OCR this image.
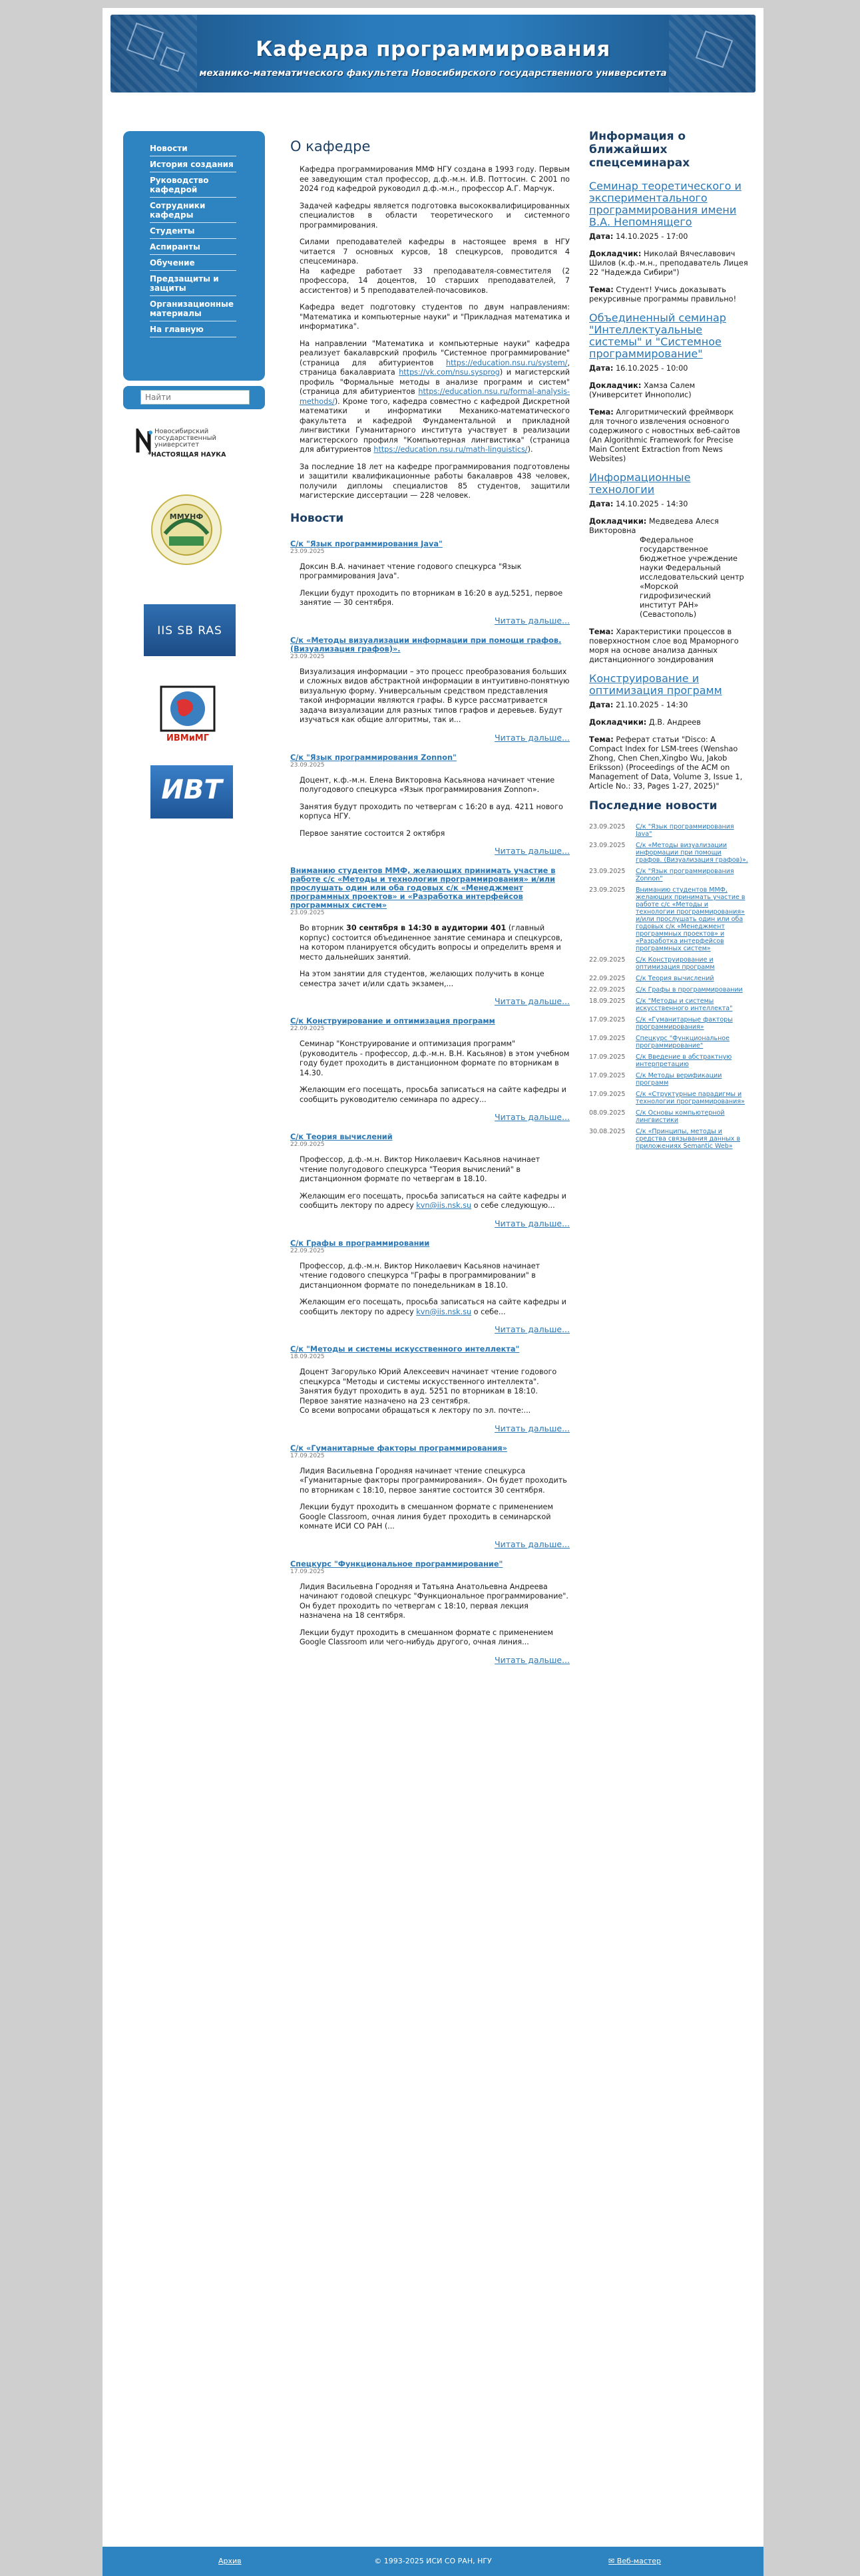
Кафедра программирования
механико-математического факультета Новосибирского государственного университета
Новости
История создания
Руководство кафедрой
Сотрудники кафедры
Студенты
Аспиранты
Обучение
Предзащиты и защиты
Организационные материалы
На главную
Найти
Новосибирский
государственный
университет
*НАСТОЯЩАЯ НАУКА
ММУНФ
IIS SB RAS
ИВМиМГ
ИВТ
О кафедре

Кафедра программирования ММФ НГУ создана в 1993 году. Первым ее заведующим стал профессор, д.ф.-м.н. И.В. Поттосин. С 2001 по 2024 год кафедрой руководил д.ф.-м.н., профессор А.Г. Марчук.

Задачей кафедры является подготовка высококвалифицированных специалистов в области теоретического и системного программирования.

Силами преподавателей кафедры в настоящее время в НГУ читается 7 основных курсов, 18 спецкурсов, проводится 4 спецсеминара.

На кафедре работает 33 преподавателя-совместителя (2 профессора, 14 доцентов, 10 старших преподавателей, 7 ассистентов) и 5 преподавателей-почасовиков.

Кафедра ведет подготовку студентов по двум направлениям: "Математика и компьютерные науки" и "Прикладная математика и информатика".

На направлении "Математика и компьютерные науки" кафедра реализует бакалаврский профиль "Системное программирование" (страница для абитуриентов https://education.nsu.ru/system/, страница бакалавриата https://vk.com/nsu.sysprog) и магистерский профиль "Формальные методы в анализе программ и систем" (страница для абитуриентов https://education.nsu.ru/formal-analysis-methods/). Кроме того, кафедра совместно с кафедрой Дискретной математики и информатики Механико-математического факультета и кафедрой Фундаментальной и прикладной лингвистики Гуманитарного института участвует в реализации магистерского профиля "Компьютерная лингвистика" (страница для абитуриентов https://education.nsu.ru/math-linguistics/).

За последние 18 лет на кафедре программирования подготовлены и защитили квалификационные работы бакалавров 438 человек, получили дипломы специалистов 85 студентов, защитили магистерские диссертации — 228 человек.

Новости
С/к "Язык программирования Java"
23.09.2025

Доксин В.А. начинает чтение годового спецкурса "Язык программирования Java".

Лекции будут проходить по вторникам в 16:20 в ауд.5251, первое занятие — 30 сентября.

Читать дальше...
С/к «Методы визуализации информации при помощи графов. (Визуализация графов)».
23.09.2025

Визуализация информации – это процесс преобразования больших и сложных видов абстрактной информации в интуитивно-понятную визуальную форму. Универсальным средством представления такой информации являются графы. В курсе рассматривается задача визуализации для разных типов графов и деревьев. Будут изучаться как общие алгоритмы, так и...

Читать дальше...
С/к "Язык программирования Zonnon"
23.09.2025

Доцент, к.ф.-м.н. Елена Викторовна Касьянова начинает чтение полугодового спецкурса «Язык программирования Zonnon».

Занятия будут проходить по четвергам с 16:20 в ауд. 4211 нового корпуса НГУ.

Первое занятие состоится 2 октября

Читать дальше...
Вниманию студентов ММФ, желающих принимать участие в работе с/с «Методы и технологии программирования» и/или прослушать один или оба годовых с/к «Менеджмент программных проектов» и «Разработка интерфейсов программных систем»
23.09.2025

Во вторник 30 сентября в 14:30 в аудитории 401 (главный корпус) состоится объединенное занятие семинара и спецкурсов, на котором планируется обсудить вопросы и определить время и место дальнейших занятий.

На этом занятии для студентов, желающих получить в конце семестра зачет и/или сдать экзамен,...

Читать дальше...
С/к Конструирование и оптимизация программ
22.09.2025

Семинар "Конструирование и оптимизация программ" (руководитель - профессор, д.ф.-м.н. В.Н. Касьянов) в этом учебном году будет проходить в дистанционном формате по вторникам в 14.30.

Желающим его посещать, просьба записаться на сайте кафедры и сообщить руководителю семинара по адресу...

Читать дальше...
С/к Теория вычислений
22.09.2025

Профессор, д.ф.-м.н. Виктор Николаевич Касьянов начинает чтение полугодового спецкурса "Теория вычислений" в дистанционном формате по четвергам в 18.10.

Желающим его посещать, просьба записаться на сайте кафедры и сообщить лектору по адресу kvn@iis.nsk.su о себе следующую...

Читать дальше...
С/к Графы в программировании
22.09.2025

Профессор, д.ф.-м.н. Виктор Николаевич Касьянов начинает чтение годового спецкурса "Графы в программировании" в дистанционном формате по понедельникам в 18.10.

Желающим его посещать, просьба записаться на сайте кафедры и сообщить лектору по адресу kvn@iis.nsk.su о себе...

Читать дальше...
С/к "Методы и системы искусственного интеллекта"
18.09.2025

Доцент Загорулько Юрий Алексеевич начинает чтение годового спецкурса "Методы и системы искусственного интеллекта".

Занятия будут проходить в ауд. 5251 по вторникам в 18:10.

Первое занятие назначено на 23 сентября.

Со всеми вопросами обращаться к лектору по эл. почте:...

Читать дальше...
С/к «Гуманитарные факторы программирования»
17.09.2025

Лидия Васильевна Городняя начинает чтение спецкурса «Гуманитарные факторы программирования». Он будет проходить по вторникам с 18:10, первое занятие состоится 30 сентября.

Лекции будут проходить в смешанном формате с применением Google Classroom, очная линия будет проходить в семинарской комнате ИСИ СО РАН (...

Читать дальше...
Спецкурс "Функциональное программирование"
17.09.2025

Лидия Васильевна Городняя и Татьяна Анатольевна Андреева начинают годовой спецкурс "Функциональное программирование". Он будет проходить по четвергам с 18:10, первая лекция назначена на 18 сентября.

Лекции будут проходить в смешанном формате с применением Google Classroom или чего-нибудь другого, очная линия...

Читать дальше...
Информация о ближайших спецсеминарах
Семинар теоретического и экспериментального программирования имени В.А. Непомнящего
Дата: 14.10.2025 - 17:00
Докладчик: Николай Вячеславович Шилов (к.ф.-м.н., преподаватель Лицея 22 "Надежда Сибири")
Тема: Студент! Учись доказывать рекурсивные программы правильно!
Объединенный семинар "Интеллектуальные системы" и "Системное программирование"
Дата: 16.10.2025 - 10:00
Докладчик: Хамза Салем (Университет Иннополис)
Тема: Алгоритмический фреймворк для точного извлечения основного содержимого с новостных веб-сайтов (An Algorithmic Framework for Precise Main Content Extraction from News Websites)
Информационные технологии
Дата: 14.10.2025 - 14:30
Докладчики: Медведева Алеся Викторовна
Федеральное государственное бюджетное учреждение науки Федеральный исследовательский центр «Морской гидрофизический институт РАН» (Севастополь)
Тема: Характеристики процессов в поверхностном слое вод Мраморного моря на основе анализа данных дистанционного зондирования
Конструирование и оптимизация программ
Дата: 21.10.2025 - 14:30
Докладчики: Д.В. Андреев
Тема: Реферат статьи "Disco: A Compact Index for LSM-trees (Wenshao Zhong, Chen Chen,Xingbo Wu, Jakob Eriksson) (Proceedings of the ACM on Management of Data, Volume 3, Issue 1, Article No.: 33, Pages 1-27, 2025)"
Последние новости
23.09.2025	С/к "Язык программирования Java"
23.09.2025	С/к «Методы визуализации информации при помощи графов. (Визуализация графов)».
23.09.2025	С/к "Язык программирования Zonnon"
23.09.2025	Вниманию студентов ММФ, желающих принимать участие в работе с/с «Методы и технологии программирования» и/или прослушать один или оба годовых с/к «Менеджмент программных проектов» и «Разработка интерфейсов программных систем»
22.09.2025	С/к Конструирование и оптимизация программ
22.09.2025	С/к Теория вычислений
22.09.2025	С/к Графы в программировании
18.09.2025	С/к "Методы и системы искусственного интеллекта"
17.09.2025	С/к «Гуманитарные факторы программирования»
17.09.2025	Спецкурс "Функциональное программирование"
17.09.2025	С/к Введение в абстрактную интерпретацию
17.09.2025	С/к Методы верификации программ
17.09.2025	С/к «Структурные парадигмы и технологии программирования»
08.09.2025	С/к Основы компьютерной лингвистики
30.08.2025	С/к «Принципы, методы и средства связывания данных в приложениях Semantic Web»
© 1993-2025 ИСИ СО РАН, НГУ
Архив	✉ Веб-мастер
